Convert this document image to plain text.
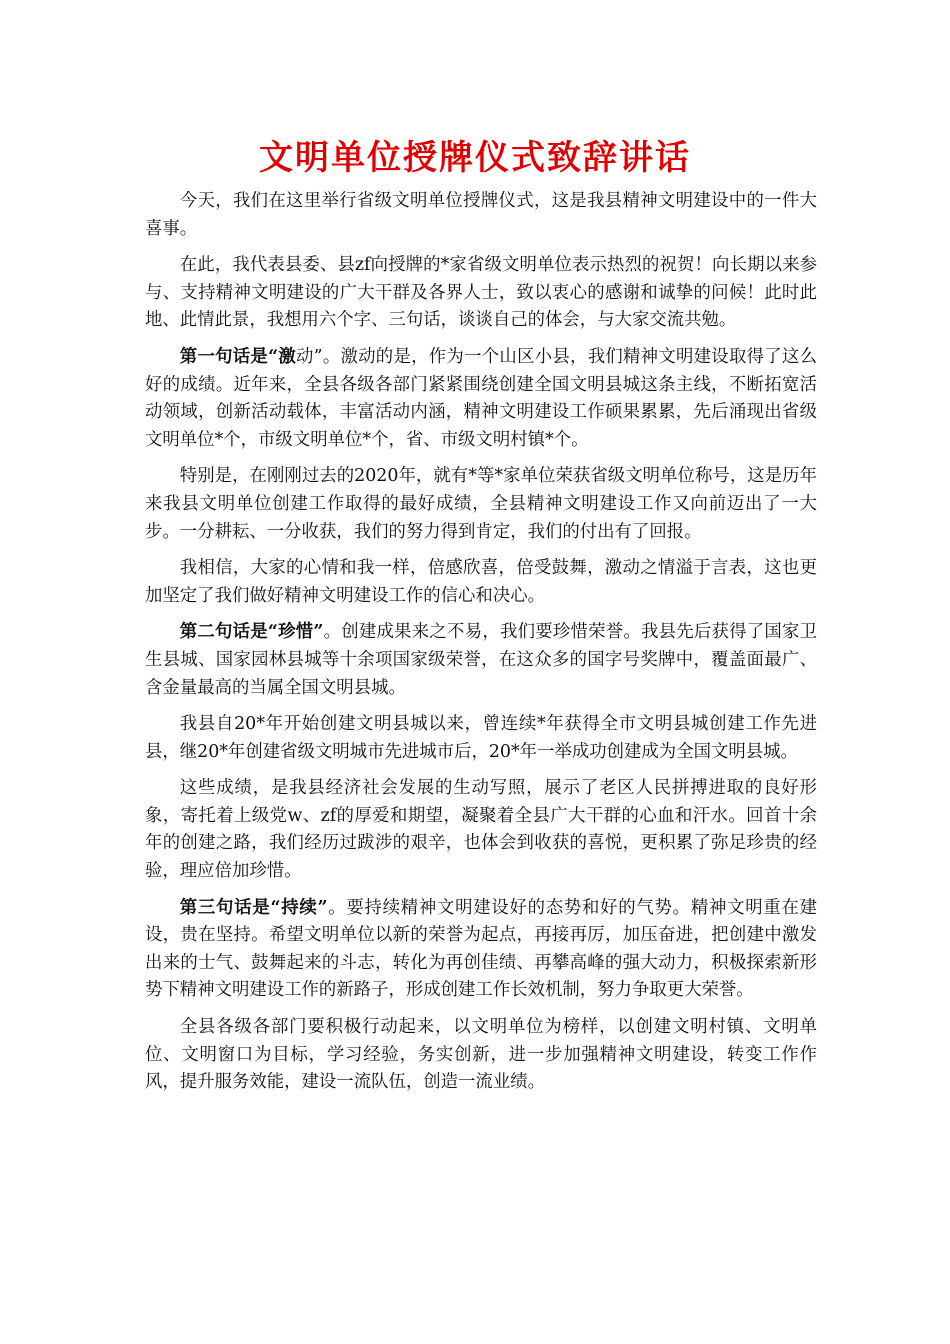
文明单位授牌仪式致辞讲话

今天，我们在这里举行省级文明单位授牌仪式，这是我县精神文明建设中的一件大喜事。

在此，我代表县委、县zf向授牌的*家省级文明单位表示热烈的祝贺！向长期以来参与、支持精神文明建设的广大干群及各界人士，致以衷心的感谢和诚挚的问候！此时此地、此情此景，我想用六个字、三句话，谈谈自己的体会，与大家交流共勉。

第一句话是“激动”。激动的是，作为一个山区小县，我们精神文明建设取得了这么好的成绩。近年来，全县各级各部门紧紧围绕创建全国文明县城这条主线，不断拓宽活动领域，创新活动载体，丰富活动内涵，精神文明建设工作硕果累累，先后涌现出省级文明单位*个，市级文明单位*个，省、市级文明村镇*个。

特别是，在刚刚过去的2020年，就有*等*家单位荣获省级文明单位称号，这是历年来我县文明单位创建工作取得的最好成绩，全县精神文明建设工作又向前迈出了一大步。一分耕耘、一分收获，我们的努力得到肯定，我们的付出有了回报。

我相信，大家的心情和我一样，倍感欣喜，倍受鼓舞，激动之情溢于言表，这也更加坚定了我们做好精神文明建设工作的信心和决心。

第二句话是“珍惜”。创建成果来之不易，我们要珍惜荣誉。我县先后获得了国家卫生县城、国家园林县城等十余项国家级荣誉，在这众多的国字号奖牌中，覆盖面最广、含金量最高的当属全国文明县城。

我县自20*年开始创建文明县城以来，曾连续*年获得全市文明县城创建工作先进县，继20*年创建省级文明城市先进城市后，20*年一举成功创建成为全国文明县城。

这些成绩，是我县经济社会发展的生动写照，展示了老区人民拼搏进取的良好形象，寄托着上级党w、zf的厚爱和期望，凝聚着全县广大干群的心血和汗水。回首十余年的创建之路，我们经历过跋涉的艰辛，也体会到收获的喜悦，更积累了弥足珍贵的经验，理应倍加珍惜。

第三句话是“持续”。要持续精神文明建设好的态势和好的气势。精神文明重在建设，贵在坚持。希望文明单位以新的荣誉为起点，再接再厉，加压奋进，把创建中激发出来的士气、鼓舞起来的斗志，转化为再创佳绩、再攀高峰的强大动力，积极探索新形势下精神文明建设工作的新路子，形成创建工作长效机制，努力争取更大荣誉。

全县各级各部门要积极行动起来，以文明单位为榜样，以创建文明村镇、文明单位、文明窗口为目标，学习经验，务实创新，进一步加强精神文明建设，转变工作作风，提升服务效能，建设一流队伍，创造一流业绩。
